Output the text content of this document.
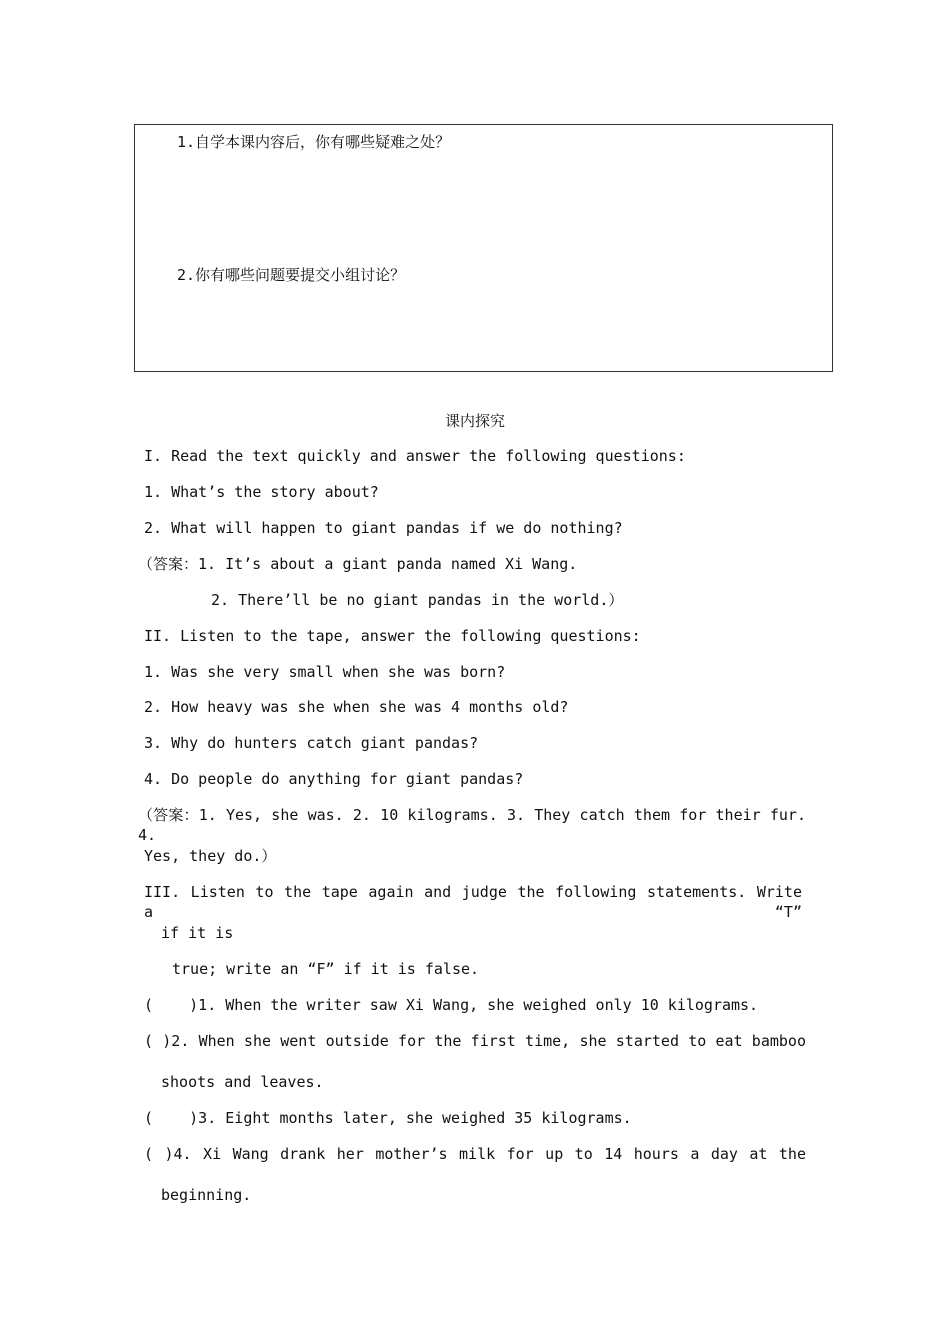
1.自学本课内容后，你有哪些疑难之处？
2.你有哪些问题要提交小组讨论？
课内探究
I. Read the text quickly and answer the following questions:
1. What’s the story about?
2. What will happen to giant pandas if we do nothing?
（答案：1. It’s about a giant panda named Xi Wang.
2. There’ll be no giant pandas in the world.）
II. Listen to the tape, answer the following questions:
1. Was she very small when she was born?
2. How heavy was she when she was 4 months old?
3. Why do hunters catch giant pandas?
4. Do people do anything for giant pandas?
（答案：1. Yes, she was. 2. 10 kilograms. 3. They catch them for their fur. 4.
Yes, they do.）
III. Listen to the tape again and judge the following statements. Write a “T”
if it is
true; write an “F” if it is false.
(    )1. When the writer saw Xi Wang, she weighed only 10 kilograms.
( )2. When she went outside for the first time, she started to eat bamboo
shoots and leaves.
(    )3. Eight months later, she weighed 35 kilograms.
( )4. Xi Wang drank her mother’s milk for up to 14 hours a day at the
beginning.
